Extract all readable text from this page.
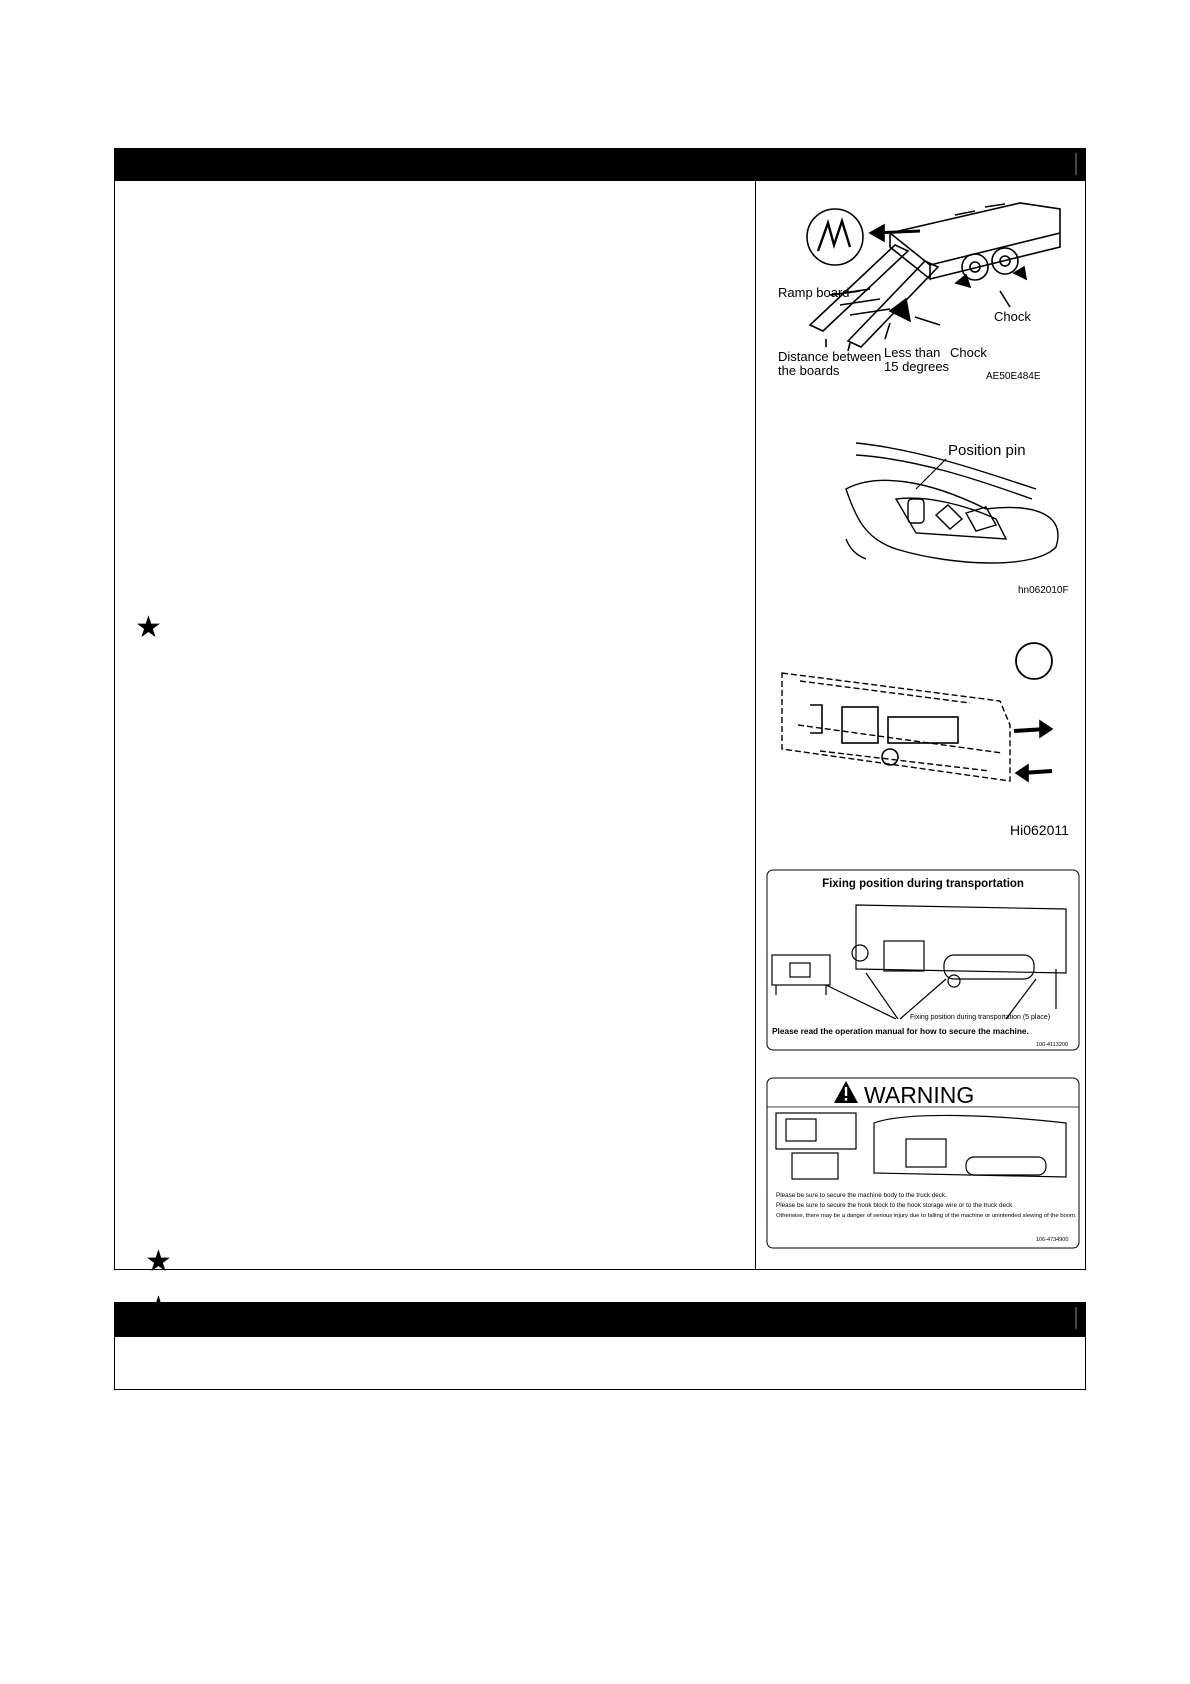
★
★
Ramp board
Chock
Less than
15 degrees
Chock
Distance between
the boards	AE50E484E
Position pin
hn062010F
Hi062011
Fixing position during transportation
Fixing position during transportation (5 place)
Please read the operation manual for how to secure the machine.
106-4113200
WARNING
Please be sure to secure the machine body to the truck deck.
Please be sure to secure the hook block to the hook storage wire or to the truck deck
Otherwise, there may be a danger of serious injury due to falling of the machine or unintended slewing of the boom.
106-4734900
